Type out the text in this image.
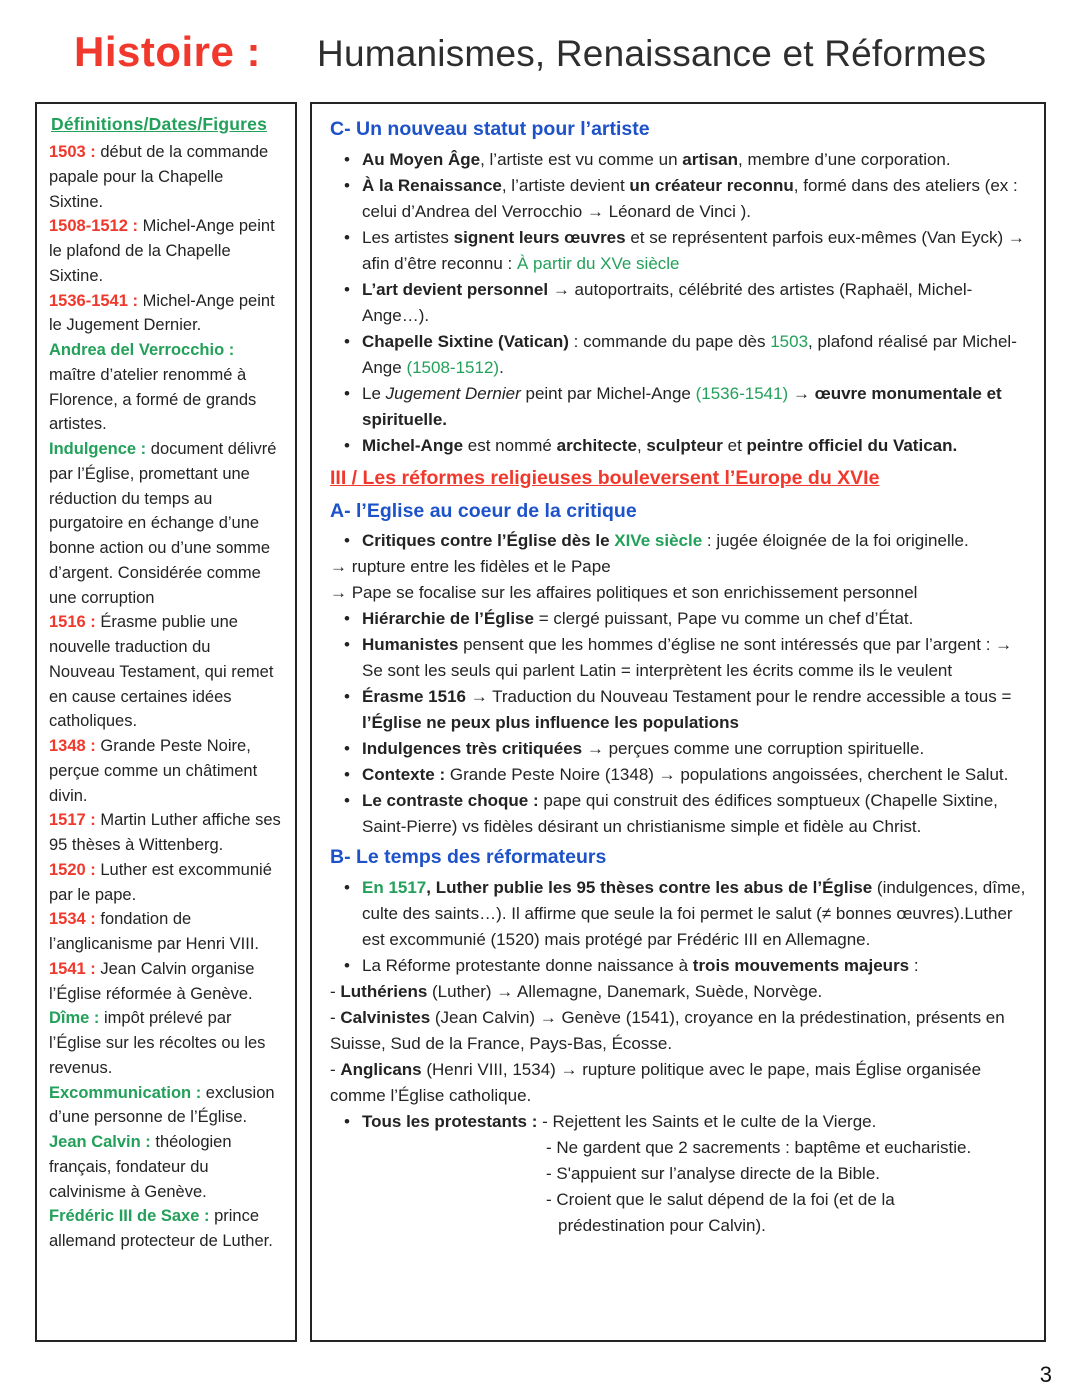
Histoire : Humanismes, Renaissance et Réformes
Définitions/Dates/Figures

1503 : début de la commande papale pour la Chapelle Sixtine.

1508-1512 : Michel-Ange peint le plafond de la Chapelle Sixtine.

1536-1541 : Michel-Ange peint le Jugement Dernier.

Andrea del Verrocchio : maître d’atelier renommé à Florence, a formé de grands artistes.

Indulgence : document délivré par l’Église, promettant une réduction du temps au purgatoire en échange d’une bonne action ou d’une somme d’argent. Considérée comme une corruption

1516 : Érasme publie une nouvelle traduction du Nouveau Testament, qui remet en cause certaines idées catholiques.

1348 : Grande Peste Noire, perçue comme un châtiment divin.

1517 : Martin Luther affiche ses 95 thèses à Wittenberg.

1520 : Luther est excommunié par le pape.

1534 : fondation de l’anglicanisme par Henri VIII.

1541 : Jean Calvin organise l’Église réformée à Genève.

Dîme : impôt prélevé par l’Église sur les récoltes ou les revenus.

Excommunication : exclusion d’une personne de l’Église.

Jean Calvin : théologien français, fondateur du calvinisme à Genève.

Frédéric III de Saxe : prince allemand protecteur de Luther.

C- Un nouveau statut pour l’artiste
• Au Moyen Âge, l’artiste est vu comme un artisan, membre d’une corporation.
• À la Renaissance, l’artiste devient un créateur reconnu, formé dans des ateliers (ex : celui d’Andrea del Verrocchio → Léonard de Vinci ).
• Les artistes signent leurs œuvres et se représentent parfois eux-mêmes (Van Eyck) → afin d’être reconnu : À partir du XVe siècle
• L’art devient personnel → autoportraits, célébrité des artistes (Raphaël, Michel-Ange…).
• Chapelle Sixtine (Vatican) : commande du pape dès 1503, plafond réalisé par Michel-Ange (1508-1512).
• Le Jugement Dernier peint par Michel-Ange (1536-1541) → œuvre monumentale et spirituelle.
• Michel-Ange est nommé architecte, sculpteur et peintre officiel du Vatican.
III / Les réformes religieuses bouleversent l’Europe du XVIe
A- l’Eglise au coeur de la critique
• Critiques contre l’Église dès le XIVe siècle : jugée éloignée de la foi originelle.
→ rupture entre les fidèles et le Pape
→ Pape se focalise sur les affaires politiques et son enrichissement personnel
• Hiérarchie de l’Église = clergé puissant, Pape vu comme un chef d’État.
• Humanistes pensent que les hommes d’église ne sont intéressés que par l’argent : → Se sont les seuls qui parlent Latin = interprètent les écrits comme ils le veulent
• Érasme 1516 → Traduction du Nouveau Testament pour le rendre accessible a tous = l’Église ne peux plus influence les populations
• Indulgences très critiquées → perçues comme une corruption spirituelle.
• Contexte : Grande Peste Noire (1348) → populations angoissées, cherchent le Salut.
• Le contraste choque : pape qui construit des édifices somptueux (Chapelle Sixtine, Saint-Pierre) vs fidèles désirant un christianisme simple et fidèle au Christ.
B- Le temps des réformateurs
• En 1517, Luther publie les 95 thèses contre les abus de l’Église (indulgences, dîme, culte des saints…). Il affirme que seule la foi permet le salut (≠ bonnes œuvres).Luther est excommunié (1520) mais protégé par Frédéric III en Allemagne.
• La Réforme protestante donne naissance à trois mouvements majeurs :
- Luthériens (Luther) → Allemagne, Danemark, Suède, Norvège.
- Calvinistes (Jean Calvin) → Genève (1541), croyance en la prédestination, présents en Suisse, Sud de la France, Pays-Bas, Écosse.
- Anglicans (Henri VIII, 1534) → rupture politique avec le pape, mais Église organisée comme l’Église catholique.
• Tous les protestants : - Rejettent les Saints et le culte de la Vierge.
- Ne gardent que 2 sacrements : baptême et eucharistie.
- S'appuient sur l’analyse directe de la Bible.
- Croient que le salut dépend de la foi (et de la
prédestination pour Calvin).
3
